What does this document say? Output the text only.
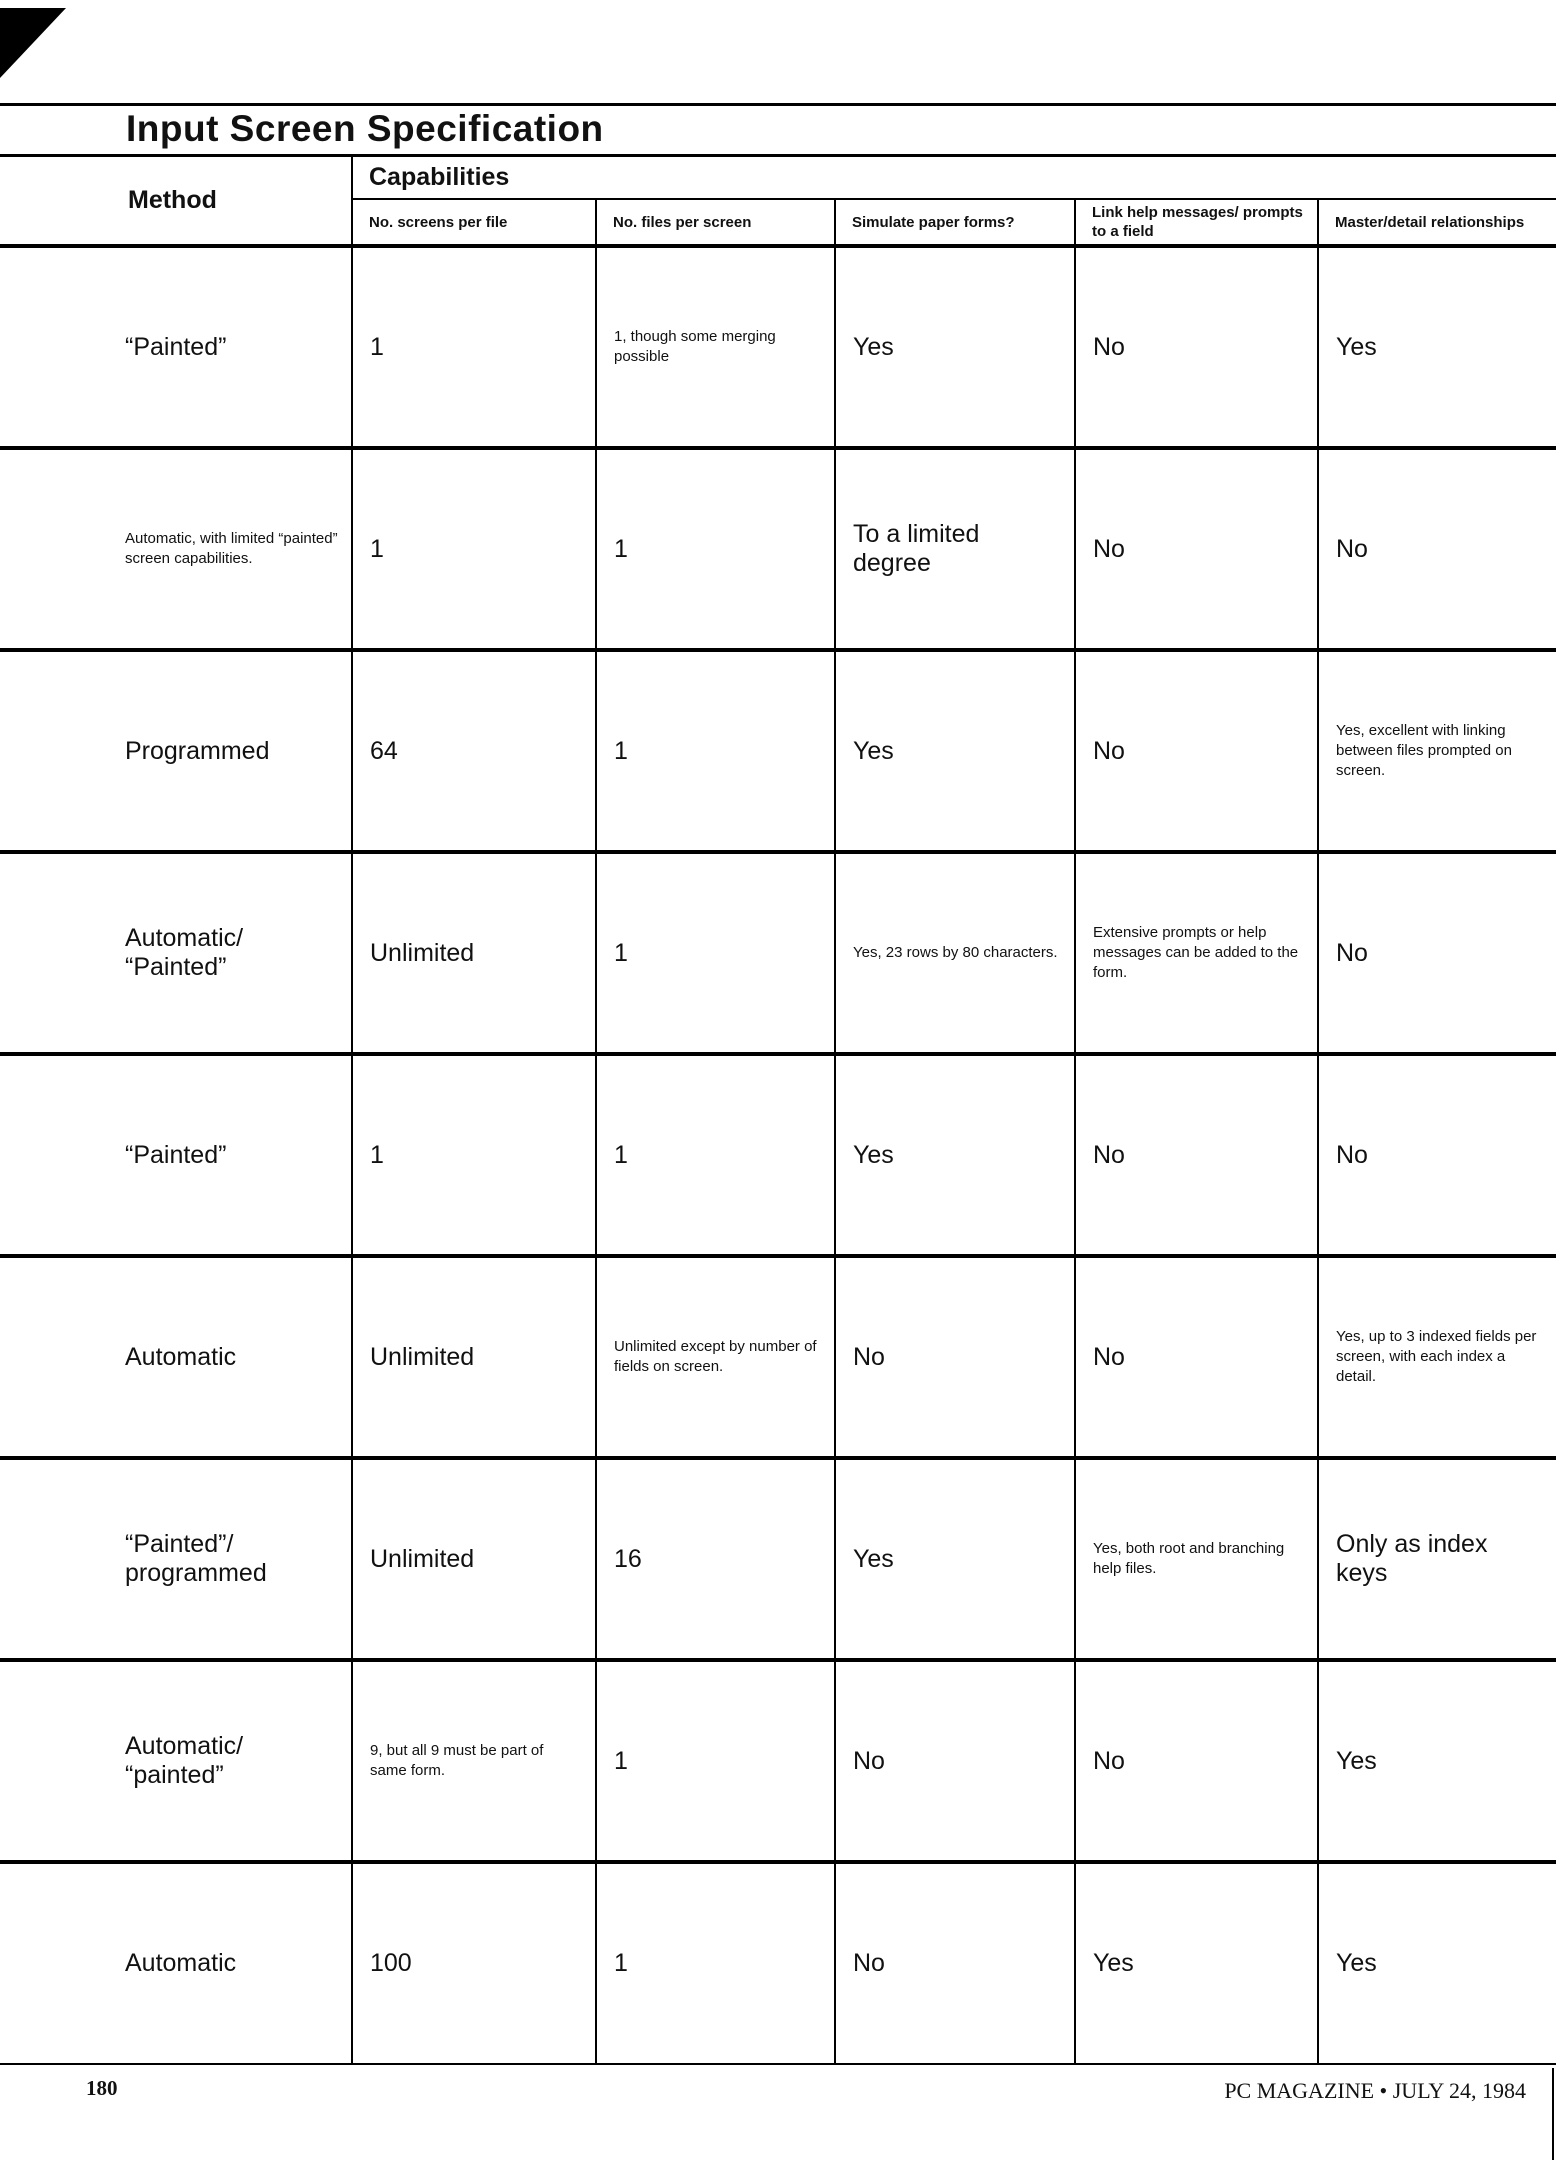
Input Screen Specification
Method	Capabilities				
	No. screens per file	No. files per screen	Simulate paper forms?	Link help messages/ prompts to a field	Master/detail relationships
“Painted”	1	1, though some merging possible	Yes	No	Yes
Automatic, with limited “painted” screen capabilities.	1	1	To a limited degree	No	No
Programmed	64	1	Yes	No	Yes, excellent with linking between files prompted on screen.
Automatic/ “Painted”	Unlimited	1	Yes, 23 rows by 80 characters.	Extensive prompts or help messages can be added to the form.	No
“Painted”	1	1	Yes	No	No
Automatic	Unlimited	Unlimited except by number of fields on screen.	No	No	Yes, up to 3 indexed fields per screen, with each index a detail.
“Painted”/ programmed	Unlimited	16	Yes	Yes, both root and branching help files.	Only as index keys
Automatic/ “painted”	9, but all 9 must be part of same form.	1	No	No	Yes
Automatic	100	1	No	Yes	Yes
180	PC MAGAZINE • JULY 24, 1984
